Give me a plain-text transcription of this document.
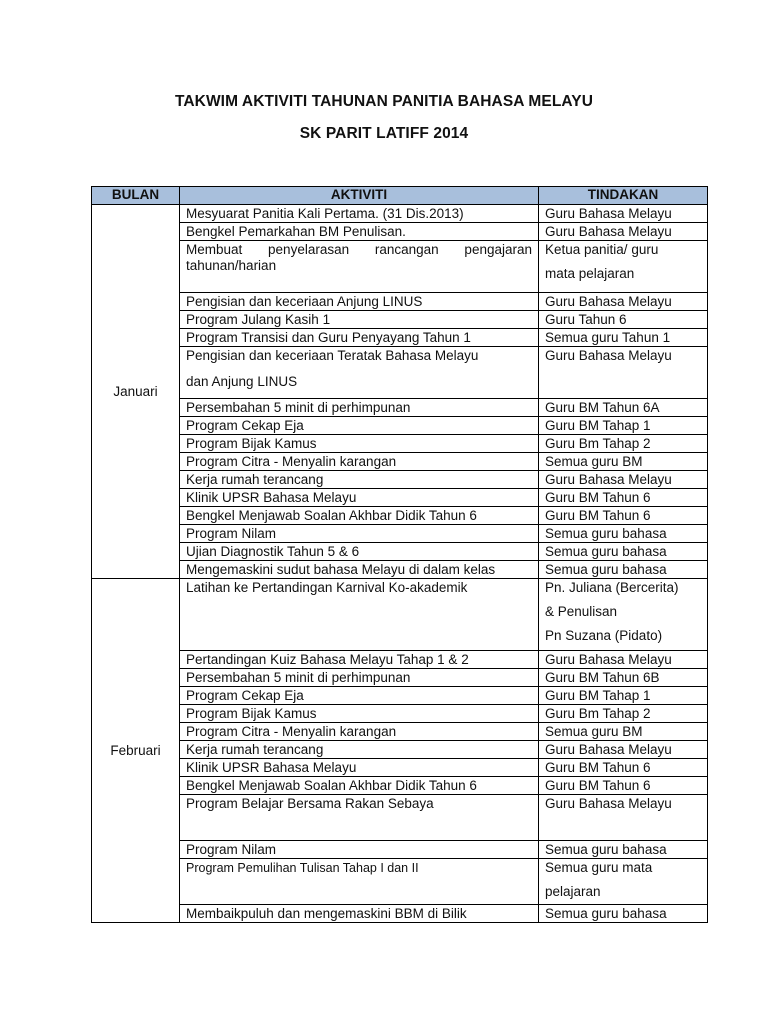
TAKWIM AKTIVITI TAHUNAN PANITIA BAHASA MELAYU
SK PARIT LATIFF 2014
BULAN	AKTIVITI	TINDAKAN
Januari	Mesyuarat Panitia Kali Pertama. (31 Dis.2013)	Guru Bahasa Melayu

	Bengkel Pemarkahan BM Penulisan.	Guru Bahasa Melayu

	Membuat penyelarasan rancangan pengajaran tahunan/harian	Ketua panitia/ guru
mata pelajaran

	Pengisian dan keceriaan Anjung LINUS	Guru Bahasa Melayu

	Program Julang Kasih 1	Guru Tahun 6

	Program Transisi dan Guru Penyayang Tahun 1	Semua guru Tahun 1

	Pengisian dan keceriaan Teratak Bahasa Melayu
dan Anjung LINUS	Guru Bahasa Melayu

	Persembahan 5 minit di perhimpunan	Guru BM Tahun 6A

	Program Cekap Eja	Guru BM Tahap 1

	Program Bijak Kamus	Guru Bm Tahap 2

	Program Citra - Menyalin karangan	Semua guru BM

	Kerja rumah terancang	Guru Bahasa Melayu

	Klinik UPSR Bahasa Melayu	Guru BM Tahun 6

	Bengkel Menjawab Soalan Akhbar Didik Tahun 6	Guru BM Tahun 6

	Program Nilam	Semua guru bahasa

	Ujian Diagnostik Tahun 5 & 6	Semua guru bahasa

	Mengemaskini sudut bahasa Melayu di dalam kelas	Semua guru bahasa

Februari	Latihan ke Pertandingan Karnival Ko-akademik	Pn. Juliana (Bercerita)
& Penulisan
Pn Suzana (Pidato)

	Pertandingan Kuiz Bahasa Melayu Tahap 1 & 2	Guru Bahasa Melayu

	Persembahan 5 minit di perhimpunan	Guru BM Tahun 6B

	Program Cekap Eja	Guru BM Tahap 1

	Program Bijak Kamus	Guru Bm Tahap 2

	Program Citra - Menyalin karangan	Semua guru BM

	Kerja rumah terancang	Guru Bahasa Melayu

	Klinik UPSR Bahasa Melayu	Guru BM Tahun 6

	Bengkel Menjawab Soalan Akhbar Didik Tahun 6	Guru BM Tahun 6

	Program Belajar Bersama Rakan Sebaya	Guru Bahasa Melayu

	Program Nilam	Semua guru bahasa

	Program Pemulihan Tulisan Tahap I dan II	Semua guru mata
pelajaran

	Membaikpuluh dan mengemaskini BBM di Bilik	Semua guru bahasa
